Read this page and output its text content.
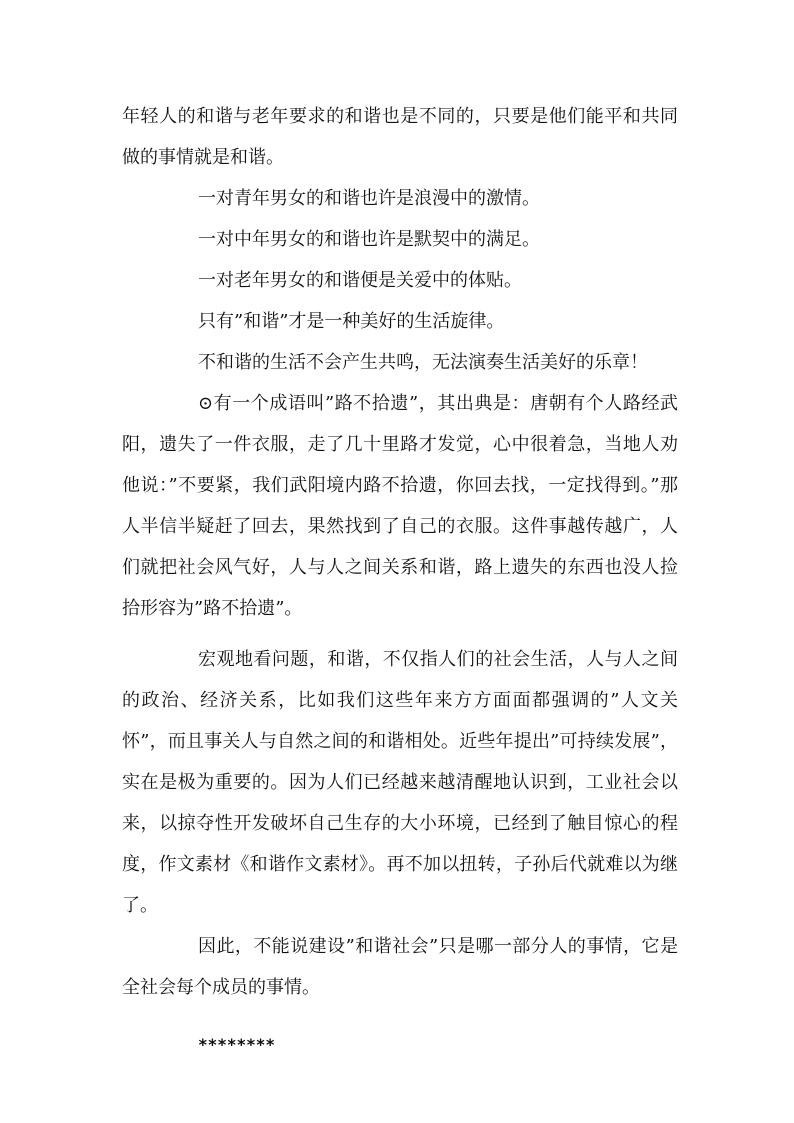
年轻人的和谐与老年要求的和谐也是不同的，只要是他们能平和共同做的事情就是和谐。

一对青年男女的和谐也许是浪漫中的激情。

一对中年男女的和谐也许是默契中的满足。

一对老年男女的和谐便是关爱中的体贴。

只有”和谐”才是一种美好的生活旋律。

不和谐的生活不会产生共鸣，无法演奏生活美好的乐章！

⊙有一个成语叫”路不拾遗”，其出典是：唐朝有个人路经武阳，遗失了一件衣服，走了几十里路才发觉，心中很着急，当地人劝他说：”不要紧，我们武阳境内路不拾遗，你回去找，一定找得到。”那人半信半疑赶了回去，果然找到了自己的衣服。这件事越传越广，人们就把社会风气好，人与人之间关系和谐，路上遗失的东西也没人捡拾形容为”路不拾遗”。

宏观地看问题，和谐，不仅指人们的社会生活，人与人之间的政治、经济关系，比如我们这些年来方方面面都强调的”人文关怀”，而且事关人与自然之间的和谐相处。近些年提出”可持续发展”，实在是极为重要的。因为人们已经越来越清醒地认识到，工业社会以来，以掠夺性开发破坏自己生存的大小环境，已经到了触目惊心的程度，作文素材《和谐作文素材》。再不加以扭转，子孙后代就难以为继了。

因此，不能说建设”和谐社会”只是哪一部分人的事情，它是全社会每个成员的事情。

********
